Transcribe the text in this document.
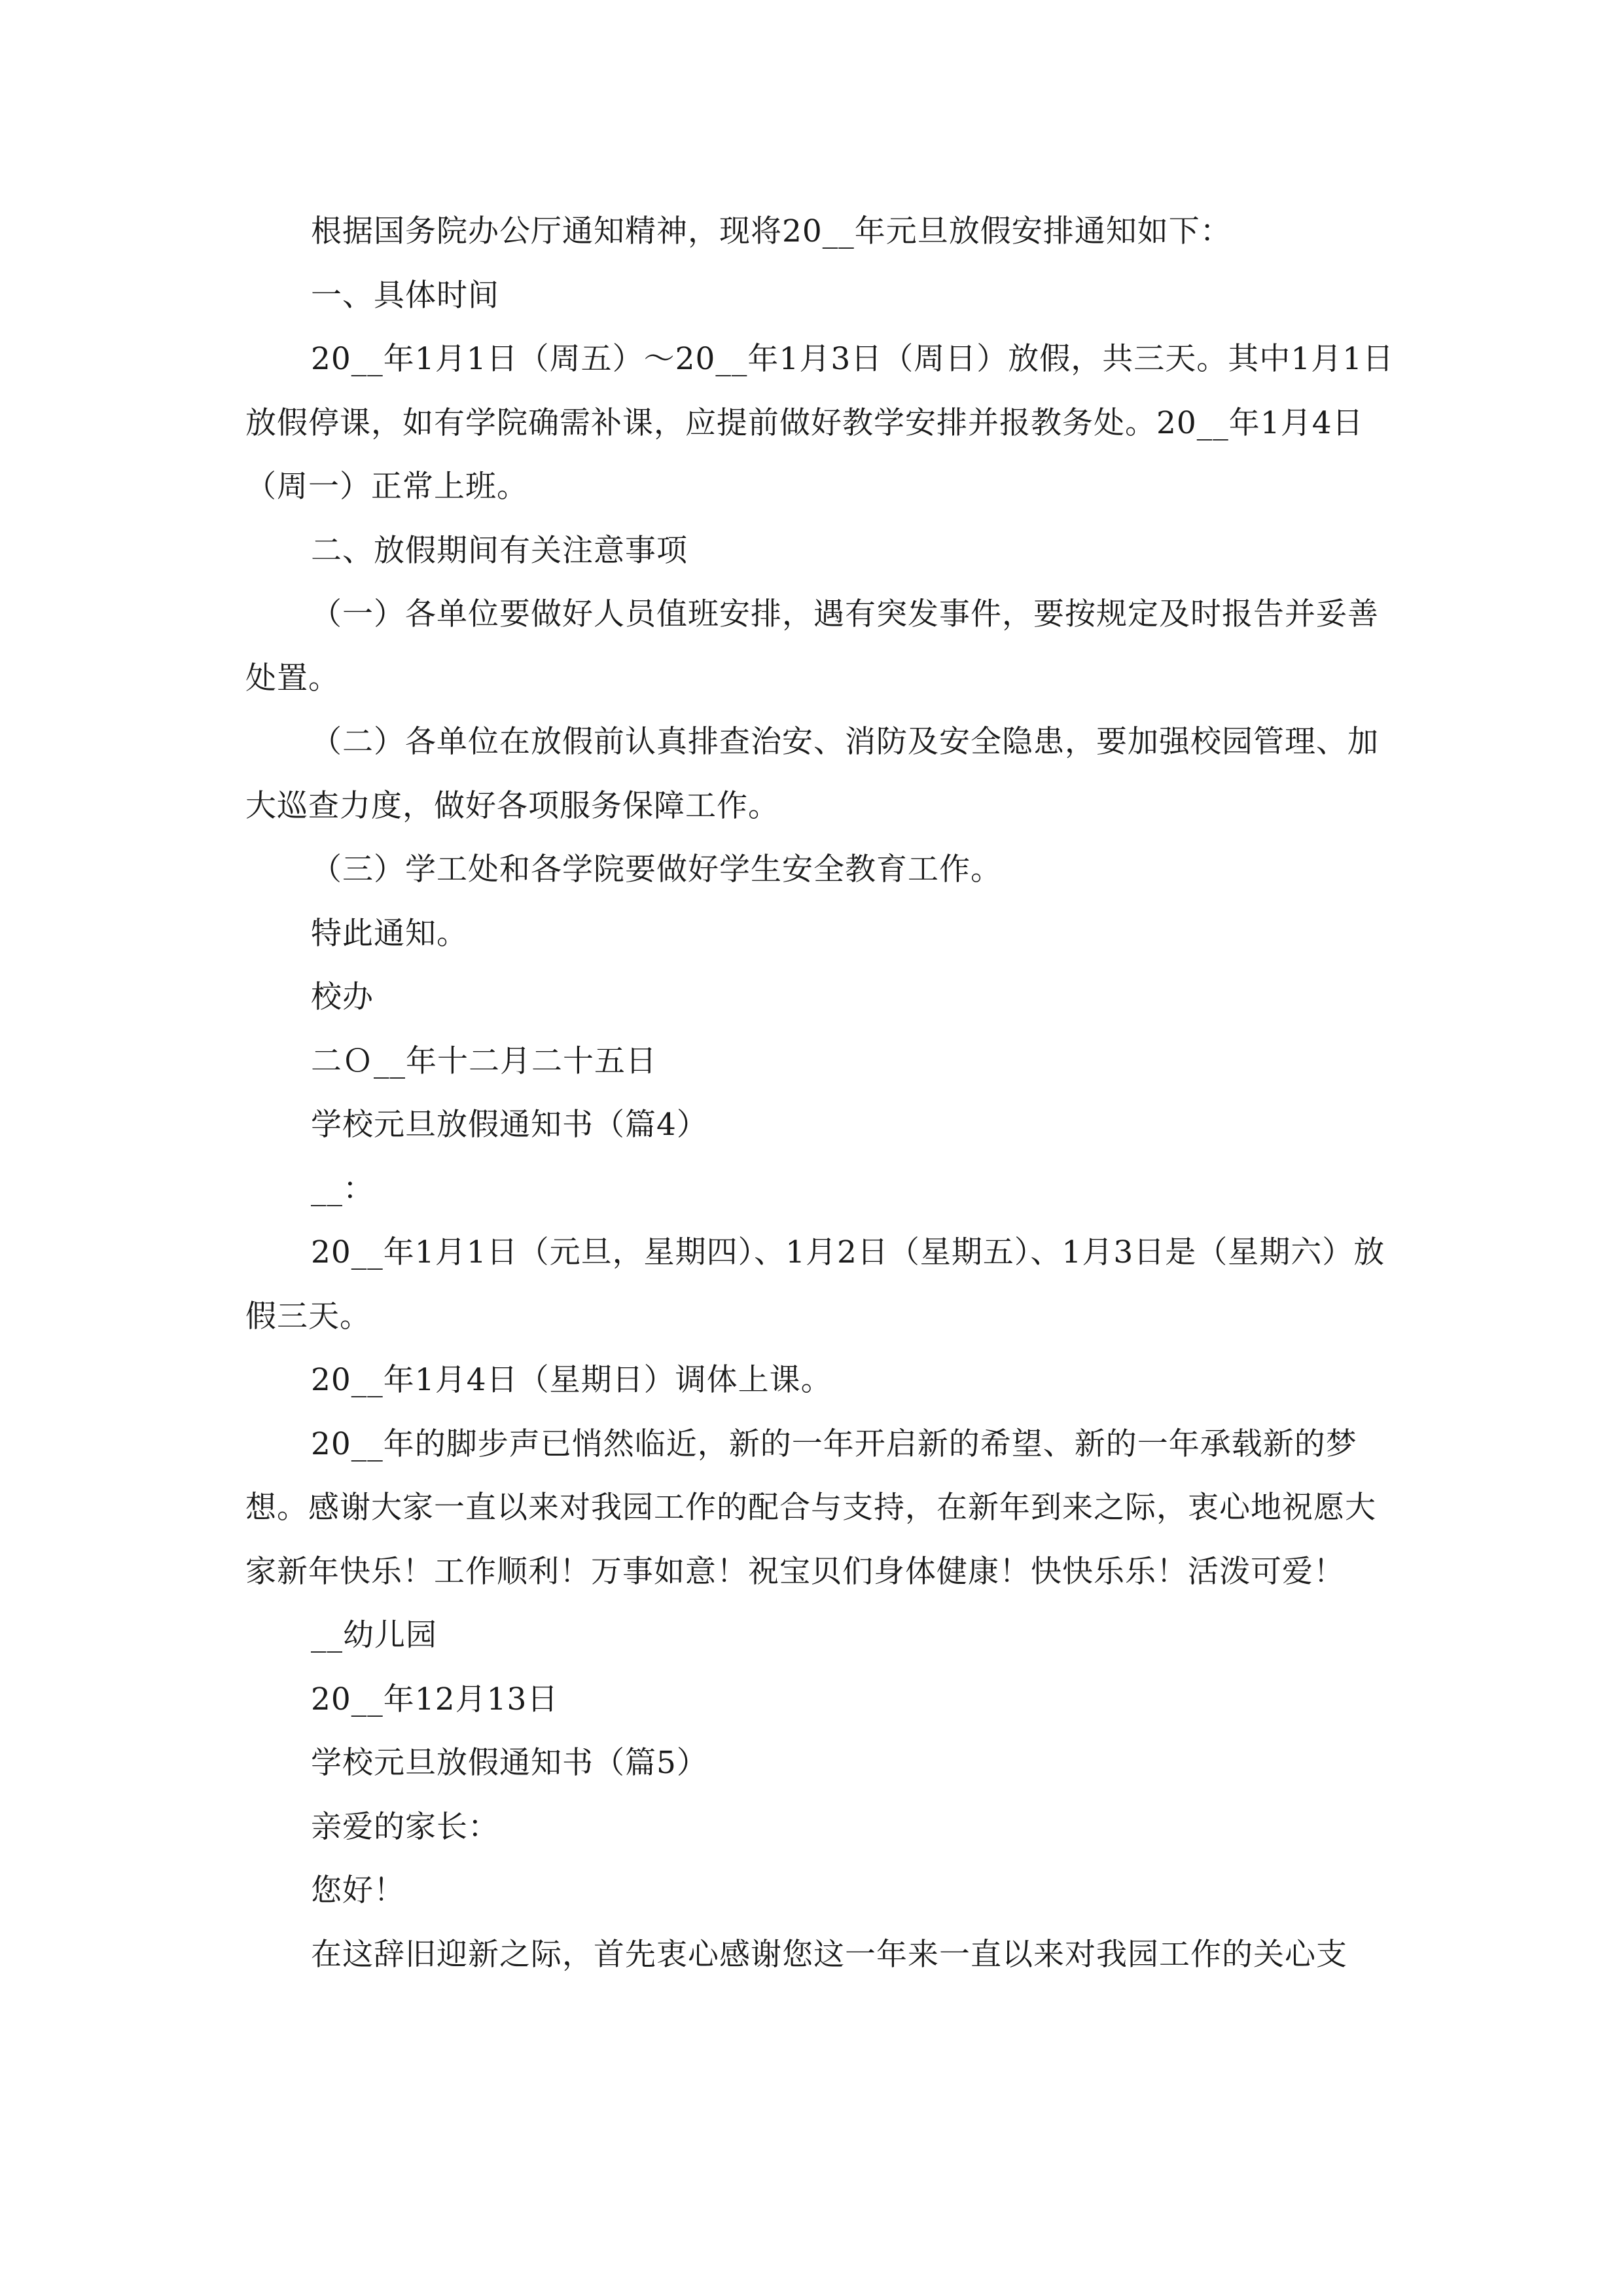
根据国务院办公厅通知精神，现将20__年元旦放假安排通知如下：

一、具体时间

20__年1月1日（周五）～20__年1月3日（周日）放假，共三天。其中1月1日放假停课，如有学院确需补课，应提前做好教学安排并报教务处。20__年1月4日（周一）正常上班。

二、放假期间有关注意事项

（一）各单位要做好人员值班安排，遇有突发事件，要按规定及时报告并妥善处置。

（二）各单位在放假前认真排查治安、消防及安全隐患，要加强校园管理、加大巡查力度，做好各项服务保障工作。

（三）学工处和各学院要做好学生安全教育工作。

特此通知。

校办

二Ｏ__年十二月二十五日

学校元旦放假通知书（篇4）

__：

20__年1月1日（元旦，星期四）、1月2日（星期五）、1月3日是（星期六）放假三天。

20__年1月4日（星期日）调体上课。

20__年的脚步声已悄然临近，新的一年开启新的希望、新的一年承载新的梦想。感谢大家一直以来对我园工作的配合与支持，在新年到来之际，衷心地祝愿大家新年快乐！工作顺利！万事如意！祝宝贝们身体健康！快快乐乐！活泼可爱！

__幼儿园

20__年12月13日

学校元旦放假通知书（篇5）

亲爱的家长：

您好！

在这辞旧迎新之际，首先衷心感谢您这一年来一直以来对我园工作的关心支
